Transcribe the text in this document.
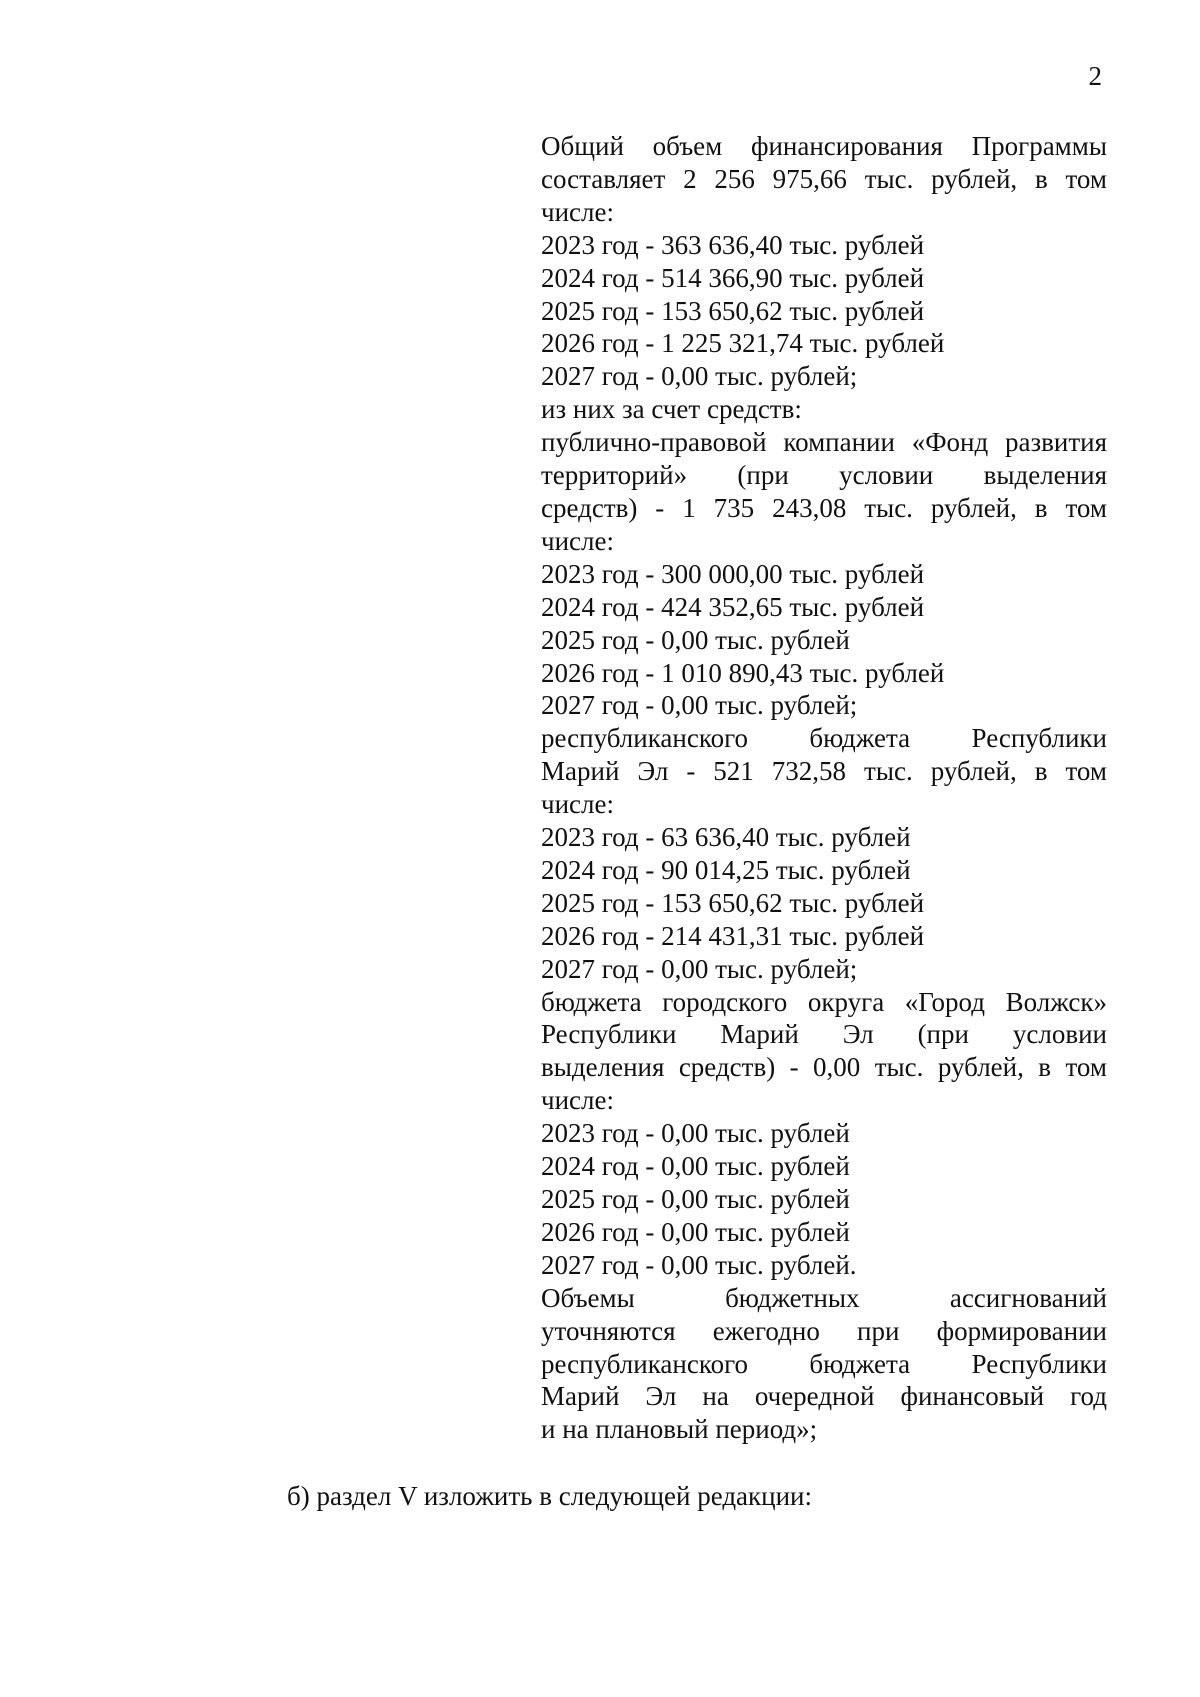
2
Общий объем финансирования Программы
составляет 2 256 975,66 тыс. рублей, в том
числе:
2023 год - 363 636,40 тыс. рублей
2024 год - 514 366,90 тыс. рублей
2025 год - 153 650,62 тыс. рублей
2026 год - 1 225 321,74 тыс. рублей
2027 год - 0,00 тыс. рублей;
из них за счет средств:
публично-правовой компании «Фонд развития
территорий» (при условии выделения
средств) - 1 735 243,08 тыс. рублей, в том
числе:
2023 год - 300 000,00 тыс. рублей
2024 год - 424 352,65 тыс. рублей
2025 год - 0,00 тыс. рублей
2026 год - 1 010 890,43 тыс. рублей
2027 год - 0,00 тыс. рублей;
республиканского бюджета Республики
Марий Эл - 521 732,58 тыс. рублей, в том
числе:
2023 год - 63 636,40 тыс. рублей
2024 год - 90 014,25 тыс. рублей
2025 год - 153 650,62 тыс. рублей
2026 год - 214 431,31 тыс. рублей
2027 год - 0,00 тыс. рублей;
бюджета городского округа «Город Волжск»
Республики Марий Эл (при условии
выделения средств) - 0,00 тыс. рублей, в том
числе:
2023 год - 0,00 тыс. рублей
2024 год - 0,00 тыс. рублей
2025 год - 0,00 тыс. рублей
2026 год - 0,00 тыс. рублей
2027 год - 0,00 тыс. рублей.
Объемы бюджетных ассигнований
уточняются ежегодно при формировании
республиканского бюджета Республики
Марий Эл на очередной финансовый год
и на плановый период»;
б) раздел V изложить в следующей редакции:
